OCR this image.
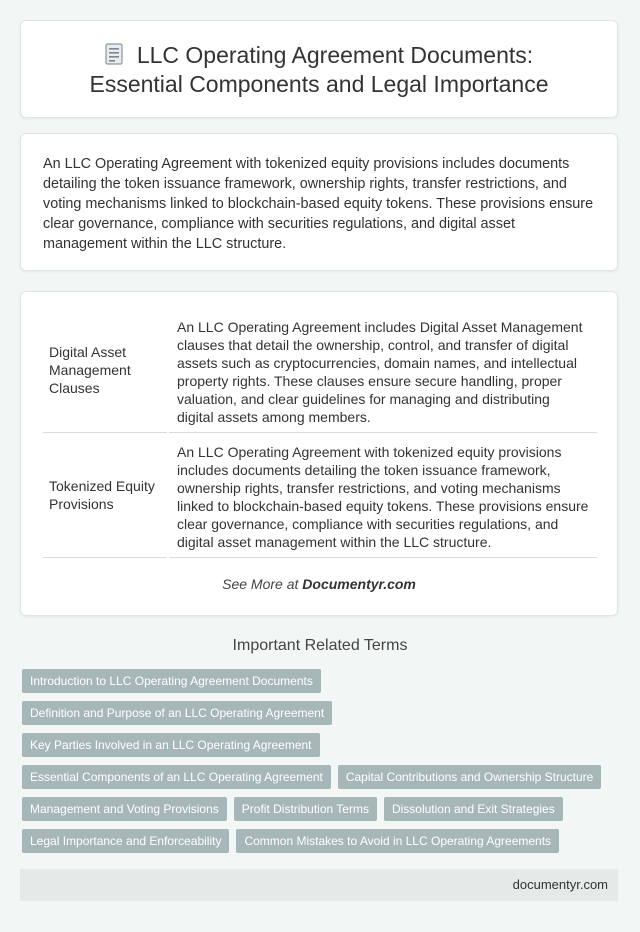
LLC Operating Agreement Documents:
Essential Components and Legal Importance

An LLC Operating Agreement with tokenized equity provisions includes documents detailing the token issuance framework, ownership rights, transfer restrictions, and voting mechanisms linked to blockchain-based equity tokens. These provisions ensure clear governance, compliance with securities regulations, and digital asset management within the LLC structure.

Digital Asset Management Clauses	An LLC Operating Agreement includes Digital Asset Management clauses that detail the ownership, control, and transfer of digital assets such as cryptocurrencies, domain names, and intellectual property rights. These clauses ensure secure handling, proper valuation, and clear guidelines for managing and distributing digital assets among members.
Tokenized Equity Provisions	An LLC Operating Agreement with tokenized equity provisions includes documents detailing the token issuance framework, ownership rights, transfer restrictions, and voting mechanisms linked to blockchain-based equity tokens. These provisions ensure clear governance, compliance with securities regulations, and digital asset management within the LLC structure.
See More at Documentyr.com
Important Related Terms
Introduction to LLC Operating Agreement Documents
Definition and Purpose of an LLC Operating Agreement
Key Parties Involved in an LLC Operating Agreement
Essential Components of an LLC Operating Agreement Capital Contributions and Ownership Structure
Management and Voting Provisions Profit Distribution Terms Dissolution and Exit Strategies
Legal Importance and Enforceability Common Mistakes to Avoid in LLC Operating Agreements
documentyr.com
